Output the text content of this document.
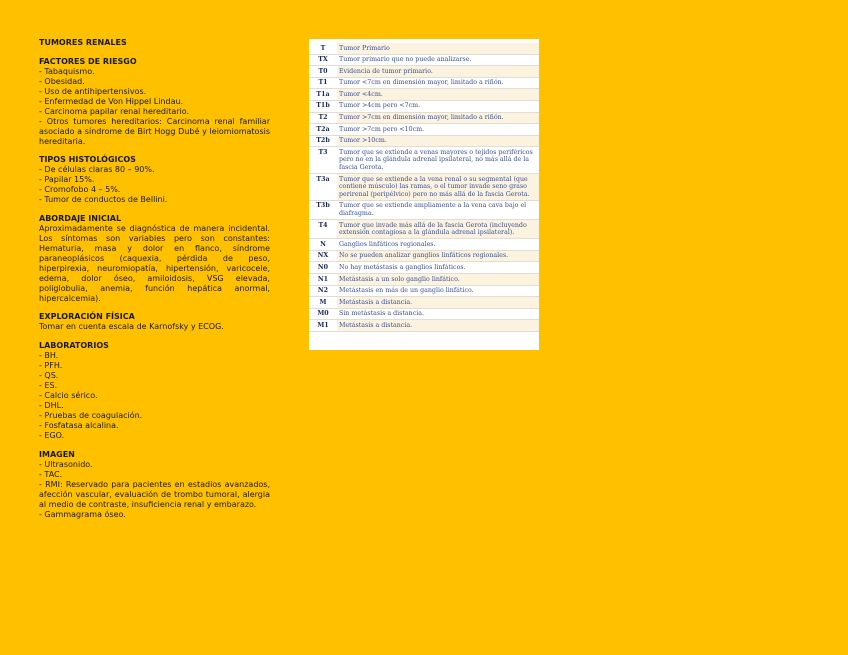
TUMORES RENALES
FACTORES DE RIESGO
- Tabaquismo.
- Obesidad.
- Uso de antihipertensivos.
- Enfermedad de Von Hippel Lindau.
- Carcinoma papilar renal hereditario.
- Otros tumores hereditarios: Carcinoma renal familiar asociado a síndrome de Birt Hogg Dubé y leiomiomatosis hereditaria.
TIPOS HISTOLÓGICOS
- De células claras 80 – 90%.
- Papilar 15%.
- Cromofobo 4 – 5%.
- Tumor de conductos de Bellini.
ABORDAJE INICIAL
Aproximadamente se diagnóstica de manera incidental. Los síntomas son variables pero son constantes: Hematuria, masa y dolor en flanco, síndrome paraneoplásicos (caquexia, pérdida de peso, hiperpirexia, neuromiopatía, hipertensión, varicocele, edema, dolor óseo, amiloidosis, VSG elevada, poliglobulia, anemia, función hepática anormal, hipercalcemia).
EXPLORACIÓN FÍSICA
Tomar en cuenta escala de Karnofsky y ECOG.
LABORATORIOS
- BH.
- PFH.
- QS.
- ES.
- Calcio sérico.
- DHL.
- Pruebas de coagulación.
- Fosfatasa alcalina.
- EGO.
IMAGEN
- Ultrasonido.
- TAC.
- RMI: Reservado para pacientes en estadios avanzados, afección vascular, evaluación de trombo tumoral, alergia al medio de contraste, insuficiencia renal y embarazo.
- Gammagrama óseo.
T	Tumor Primario
TX	Tumor primario que no puede analizarse.
T0	Evidencia de tumor primario.
T1	Tumor <7cm en dimensión mayor, limitado a riñón.
T1a	Tumor <4cm.
T1b	Tumor >4cm pero <7cm.
T2	Tumor >7cm en dimensión mayor, limitado a riñón.
T2a	Tumor >7cm pero <10cm.
T2b	Tumor >10cm.
T3	Tumor que se extiende a venas mayores o tejidos periféricos pero no en la glándula adrenal ipsilateral, no más allá de la fascia Gerota.
T3a	Tumor que se extiende a la vena renal o su segmental (que contiene músculo) las ramas, o el tumor invade seno graso perirenal (peripélvico) pero no más allá de la fascia Gerota.
T3b	Tumor que se extiende ampliamente a la vena cava bajo el diafragma.
T4	Tumor que invade más allá de la fascia Gerota (incluyendo extensión contagiosa a la glándula adrenal ipsilateral).
N	Ganglios linfáticos regionales.
NX	No se pueden analizar ganglios linfáticos regionales.
N0	No hay metástasis a ganglios linfáticos.
N1	Metástasis a un solo ganglio linfático.
N2	Metástasis en más de un ganglio linfático.
M	Metástasis a distancia.
M0	Sin metástasis a distancia.
M1	Metástasis a distancia.
